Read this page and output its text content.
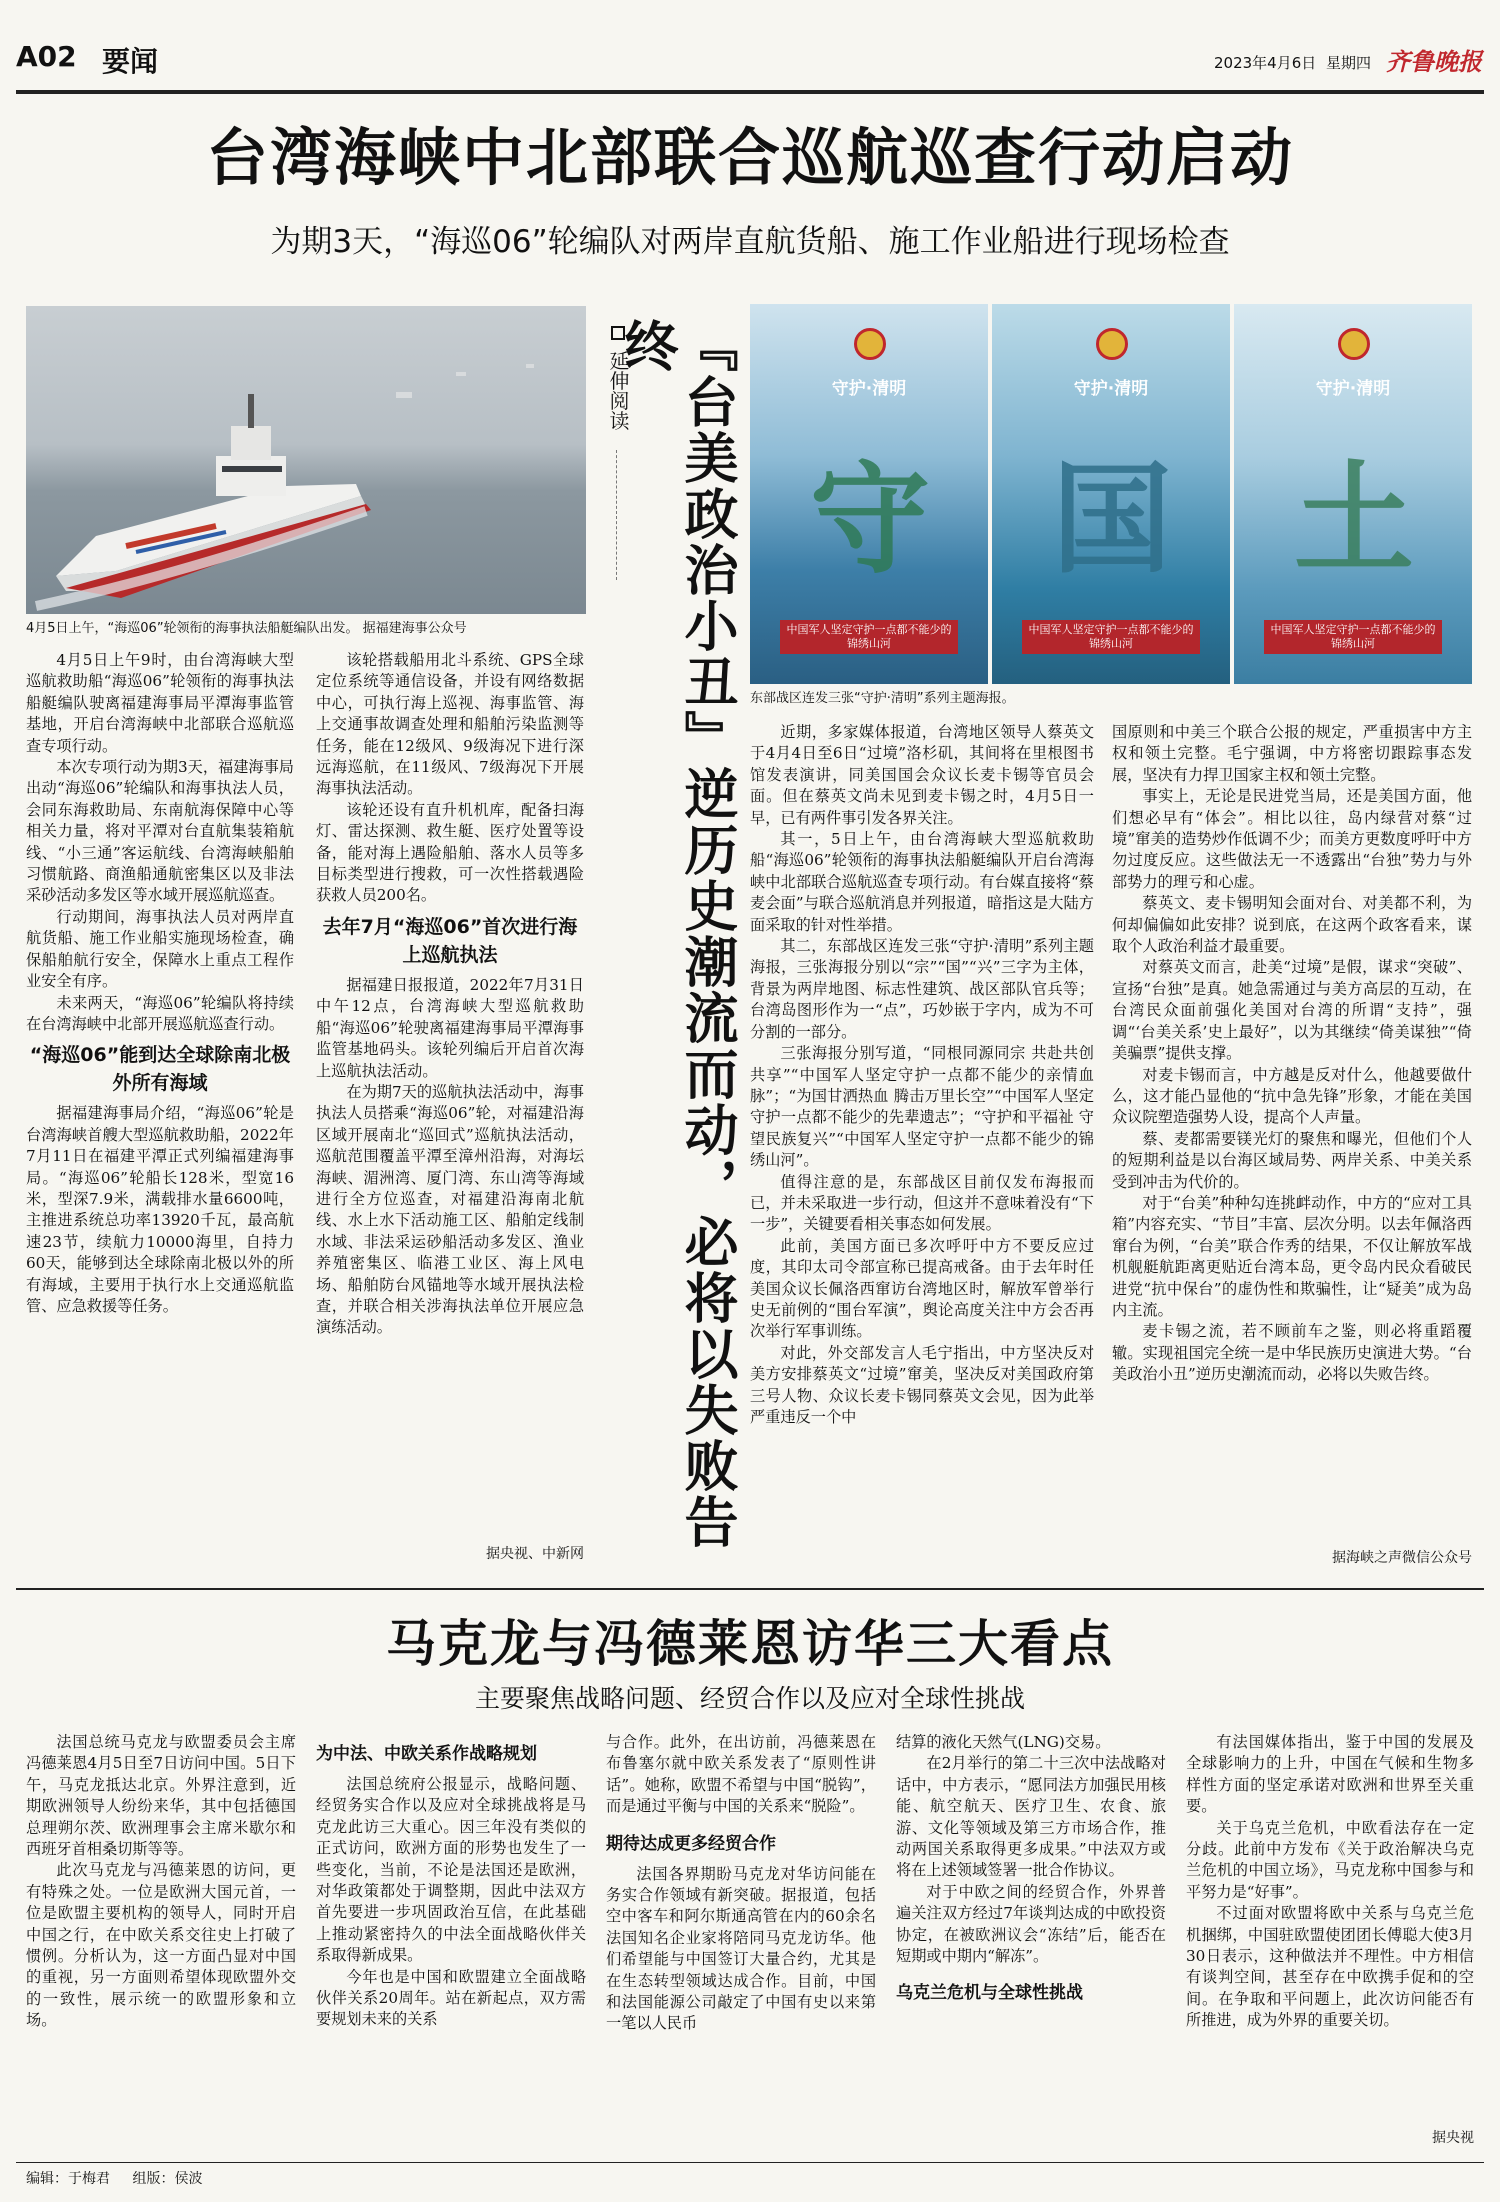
A02 要闻	2023年4月6日 星期四 齐鲁晚报
台湾海峡中北部联合巡航巡查行动启动
为期3天，“海巡06”轮编队对两岸直航货船、施工作业船进行现场检查
4月5日上午，“海巡06”轮领衔的海事执法船艇编队出发。 据福建海事公众号

4月5日上午9时，由台湾海峡大型巡航救助船“海巡06”轮领衔的海事执法船艇编队驶离福建海事局平潭海事监管基地，开启台湾海峡中北部联合巡航巡查专项行动。

本次专项行动为期3天，福建海事局出动“海巡06”轮编队和海事执法人员，会同东海救助局、东南航海保障中心等相关力量，将对平潭对台直航集装箱航线、“小三通”客运航线、台湾海峡船舶习惯航路、商渔船通航密集区以及非法采砂活动多发区等水域开展巡航巡查。

行动期间，海事执法人员对两岸直航货船、施工作业船实施现场检查，确保船舶航行安全，保障水上重点工程作业安全有序。

未来两天，“海巡06”轮编队将持续在台湾海峡中北部开展巡航巡查行动。

“海巡06”能到达全球除南北极外所有海域

据福建海事局介绍，“海巡06”轮是台湾海峡首艘大型巡航救助船，2022年7月11日在福建平潭正式列编福建海事局。“海巡06”轮船长128米，型宽16米，型深7.9米，满载排水量6600吨，主推进系统总功率13920千瓦，最高航速23节，续航力10000海里，自持力60天，能够到达全球除南北极以外的所有海域，主要用于执行水上交通巡航监管、应急救援等任务。

该轮搭载船用北斗系统、GPS全球定位系统等通信设备，并设有网络数据中心，可执行海上巡视、海事监管、海上交通事故调查处理和船舶污染监测等任务，能在12级风、9级海况下进行深远海巡航，在11级风、7级海况下开展海事执法活动。

该轮还设有直升机机库，配备扫海灯、雷达探测、救生艇、医疗处置等设备，能对海上遇险船舶、落水人员等多目标类型进行搜救，可一次性搭载遇险获救人员200名。

去年7月“海巡06”首次进行海上巡航执法

据福建日报报道，2022年7月31日中午12点，台湾海峡大型巡航救助船“海巡06”轮驶离福建海事局平潭海事监管基地码头。该轮列编后开启首次海上巡航执法活动。

在为期7天的巡航执法活动中，海事执法人员搭乘“海巡06”轮，对福建沿海区域开展南北“巡回式”巡航执法活动，巡航范围覆盖平潭至漳州沿海，对海坛海峡、湄洲湾、厦门湾、东山湾等海域进行全方位巡查，对福建沿海南北航线、水上水下活动施工区、船舶定线制水域、非法采运砂船活动多发区、渔业养殖密集区、临港工业区、海上风电场、船舶防台风锚地等水域开展执法检查，并联合相关涉海执法单位开展应急演练活动。

据央视、中新网
延伸阅读 『台美政治小丑』逆历史潮流而动，必将以失败告终
守护·清明
守
中国军人坚定守护一点都不能少的锦绣山河
守护·清明
国
中国军人坚定守护一点都不能少的锦绣山河
守护·清明
土
中国军人坚定守护一点都不能少的锦绣山河
东部战区连发三张“守护·清明”系列主题海报。

近期，多家媒体报道，台湾地区领导人蔡英文于4月4日至6日“过境”洛杉矶，其间将在里根图书馆发表演讲，同美国国会众议长麦卡锡等官员会面。但在蔡英文尚未见到麦卡锡之时，4月5日一早，已有两件事引发各界关注。

其一，5日上午，由台湾海峡大型巡航救助船“海巡06”轮领衔的海事执法船艇编队开启台湾海峡中北部联合巡航巡查专项行动。有台媒直接将“蔡麦会面”与联合巡航消息并列报道，暗指这是大陆方面采取的针对性举措。

其二，东部战区连发三张“守护·清明”系列主题海报，三张海报分别以“宗”“国”“兴”三字为主体，背景为两岸地图、标志性建筑、战区部队官兵等；台湾岛图形作为一“点”，巧妙嵌于字内，成为不可分割的一部分。

三张海报分别写道，“同根同源同宗 共赴共创共享”“中国军人坚定守护一点都不能少的亲情血脉”；“为国甘洒热血 腾击万里长空”“中国军人坚定守护一点都不能少的先辈遗志”；“守护和平福祉 守望民族复兴”“中国军人坚定守护一点都不能少的锦绣山河”。

值得注意的是，东部战区目前仅发布海报而已，并未采取进一步行动，但这并不意味着没有“下一步”，关键要看相关事态如何发展。

此前，美国方面已多次呼吁中方不要反应过度，其印太司令部宣称已提高戒备。由于去年时任美国众议长佩洛西窜访台湾地区时，解放军曾举行史无前例的“围台军演”，舆论高度关注中方会否再次举行军事训练。

对此，外交部发言人毛宁指出，中方坚决反对美方安排蔡英文“过境”窜美，坚决反对美国政府第三号人物、众议长麦卡锡同蔡英文会见，因为此举严重违反一个中

国原则和中美三个联合公报的规定，严重损害中方主权和领土完整。毛宁强调，中方将密切跟踪事态发展，坚决有力捍卫国家主权和领土完整。

事实上，无论是民进党当局，还是美国方面，他们想必早有“体会”。相比以往，岛内绿营对蔡“过境”窜美的造势炒作低调不少；而美方更数度呼吁中方勿过度反应。这些做法无一不透露出“台独”势力与外部势力的理亏和心虚。

蔡英文、麦卡锡明知会面对台、对美都不利，为何却偏偏如此安排？说到底，在这两个政客看来，谋取个人政治利益才最重要。

对蔡英文而言，赴美“过境”是假，谋求“突破”、宣扬“台独”是真。她急需通过与美方高层的互动，在台湾民众面前强化美国对台湾的所谓“支持”，强调“‘台美关系’史上最好”，以为其继续“倚美谋独”“倚美骗票”提供支撑。

对麦卡锡而言，中方越是反对什么，他越要做什么，这才能凸显他的“抗中急先锋”形象，才能在美国众议院塑造强势人设，提高个人声量。

蔡、麦都需要镁光灯的聚焦和曝光，但他们个人的短期利益是以台海区域局势、两岸关系、中美关系受到冲击为代价的。

对于“台美”种种勾连挑衅动作，中方的“应对工具箱”内容充实、“节目”丰富、层次分明。以去年佩洛西窜台为例，“台美”联合作秀的结果，不仅让解放军战机舰艇航距离更贴近台湾本岛，更令岛内民众看破民进党“抗中保台”的虚伪性和欺骗性，让“疑美”成为岛内主流。

麦卡锡之流，若不顾前车之鉴，则必将重蹈覆辙。实现祖国完全统一是中华民族历史演进大势。“台美政治小丑”逆历史潮流而动，必将以失败告终。

据海峡之声微信公众号
马克龙与冯德莱恩访华三大看点
主要聚焦战略问题、经贸合作以及应对全球性挑战

法国总统马克龙与欧盟委员会主席冯德莱恩4月5日至7日访问中国。5日下午，马克龙抵达北京。外界注意到，近期欧洲领导人纷纷来华，其中包括德国总理朔尔茨、欧洲理事会主席米歇尔和西班牙首相桑切斯等等。

此次马克龙与冯德莱恩的访问，更有特殊之处。一位是欧洲大国元首，一位是欧盟主要机构的领导人，同时开启中国之行，在中欧关系交往史上打破了惯例。分析认为，这一方面凸显对中国的重视，另一方面则希望体现欧盟外交的一致性，展示统一的欧盟形象和立场。

为中法、中欧关系作战略规划

法国总统府公报显示，战略问题、经贸务实合作以及应对全球挑战将是马克龙此访三大重心。因三年没有类似的正式访问，欧洲方面的形势也发生了一些变化，当前，不论是法国还是欧洲，对华政策都处于调整期，因此中法双方首先要进一步巩固政治互信，在此基础上推动紧密持久的中法全面战略伙伴关系取得新成果。

今年也是中国和欧盟建立全面战略伙伴关系20周年。站在新起点，双方需要规划未来的关系

与合作。此外，在出访前，冯德莱恩在布鲁塞尔就中欧关系发表了“原则性讲话”。她称，欧盟不希望与中国“脱钩”，而是通过平衡与中国的关系来“脱险”。

期待达成更多经贸合作

法国各界期盼马克龙对华访问能在务实合作领域有新突破。据报道，包括空中客车和阿尔斯通高管在内的60余名法国知名企业家将陪同马克龙访华。他们希望能与中国签订大量合约，尤其是在生态转型领域达成合作。目前，中国和法国能源公司敲定了中国有史以来第一笔以人民币

结算的液化天然气(LNG)交易。

在2月举行的第二十三次中法战略对话中，中方表示，“愿同法方加强民用核能、航空航天、医疗卫生、农食、旅游、文化等领域及第三方市场合作，推动两国关系取得更多成果。”中法双方或将在上述领域签署一批合作协议。

对于中欧之间的经贸合作，外界普遍关注双方经过7年谈判达成的中欧投资协定，在被欧洲议会“冻结”后，能否在短期或中期内“解冻”。

乌克兰危机与全球性挑战

有法国媒体指出，鉴于中国的发展及全球影响力的上升，中国在气候和生物多样性方面的坚定承诺对欧洲和世界至关重要。

关于乌克兰危机，中欧看法存在一定分歧。此前中方发布《关于政治解决乌克兰危机的中国立场》，马克龙称中国参与和平努力是“好事”。

不过面对欧盟将欧中关系与乌克兰危机捆绑，中国驻欧盟使团团长傅聪大使3月30日表示，这种做法并不理性。中方相信有谈判空间，甚至存在中欧携手促和的空间。在争取和平问题上，此次访问能否有所推进，成为外界的重要关切。

据央视
编辑：于梅君 组版：侯波
